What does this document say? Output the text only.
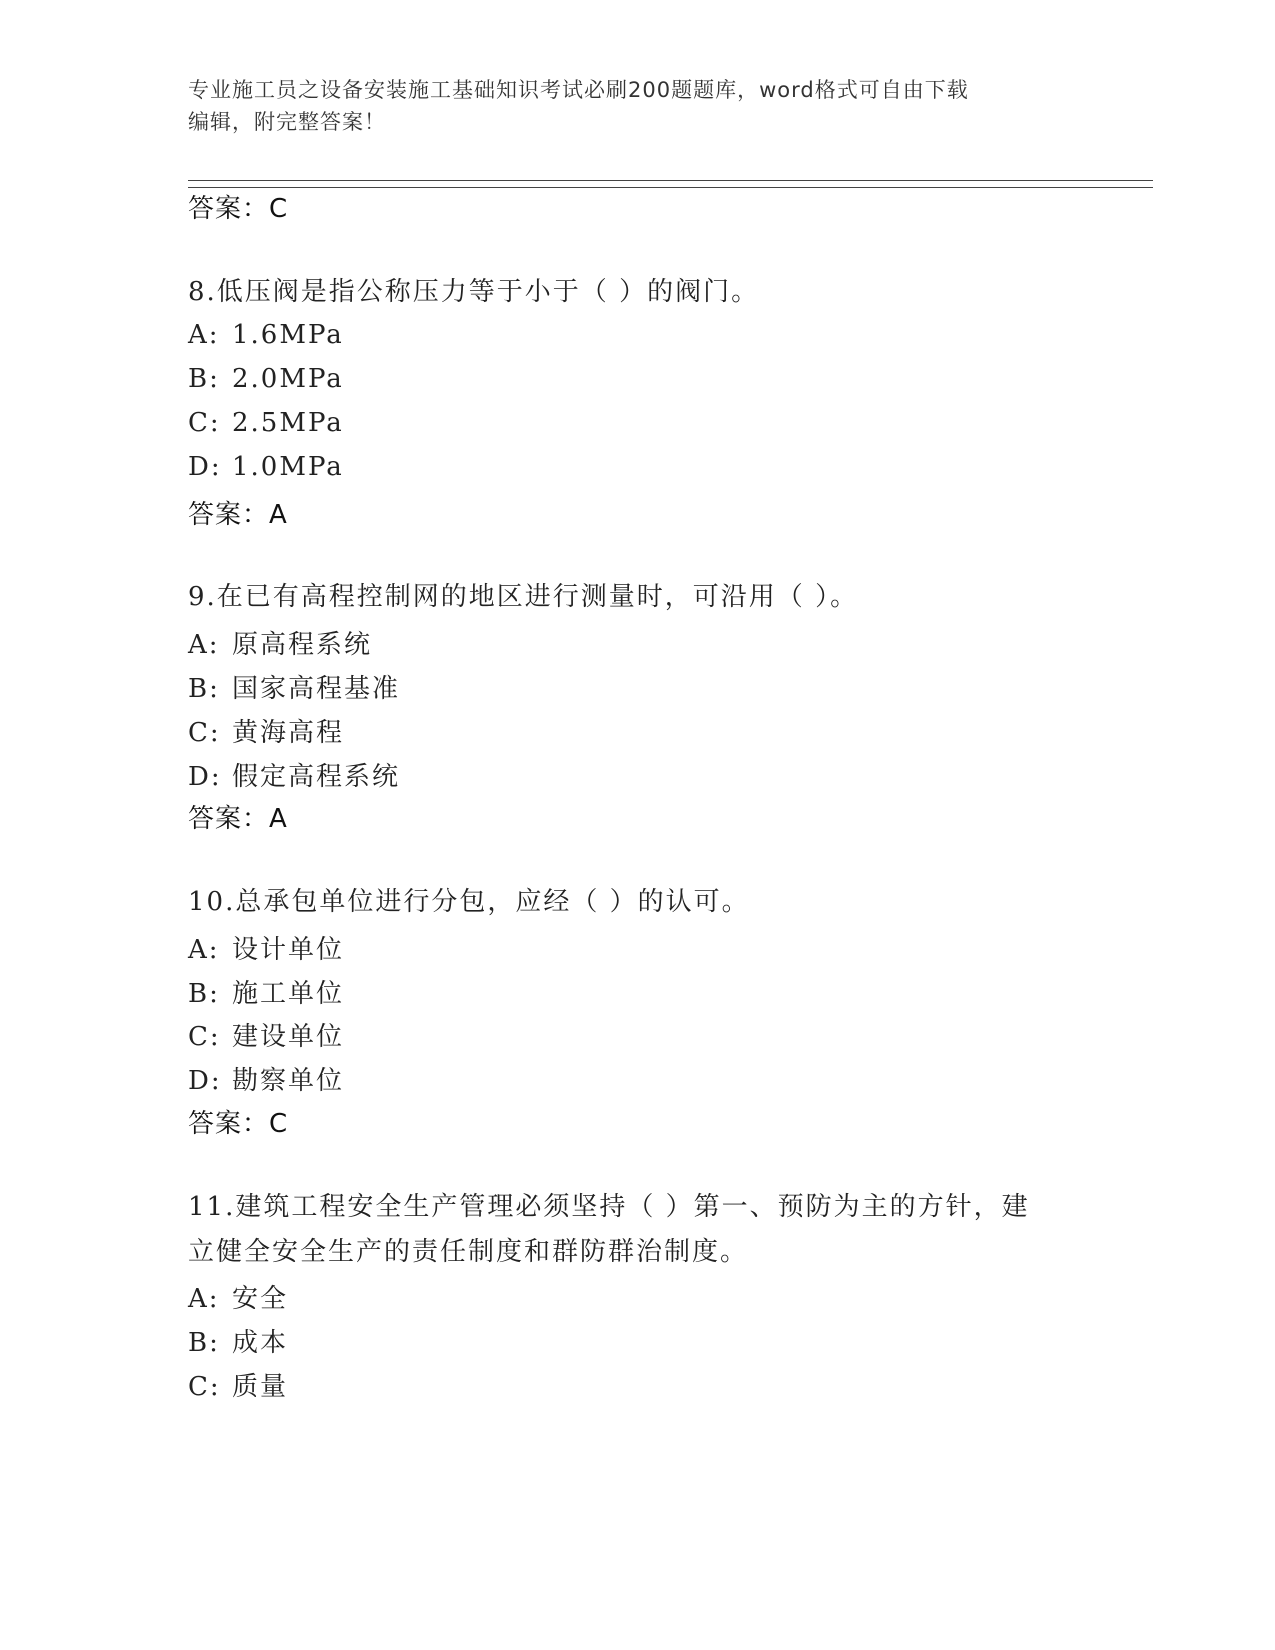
专业施工员之设备安装施工基础知识考试必刷200题题库，word格式可自由下载
编辑，附完整答案！
答案：C
8.低压阀是指公称压力等于小于（ ）的阀门。
A: 1.6MPa
B: 2.0MPa
C: 2.5MPa
D: 1.0MPa
答案：A
9.在已有高程控制网的地区进行测量时，可沿用（ ）。
A: 原高程系统
B: 国家高程基准
C: 黄海高程
D: 假定高程系统
答案：A
10.总承包单位进行分包，应经（ ）的认可。
A: 设计单位
B: 施工单位
C: 建设单位
D: 勘察单位
答案：C
11.建筑工程安全生产管理必须坚持（ ）第一、预防为主的方针，建
立健全安全生产的责任制度和群防群治制度。
A: 安全
B: 成本
C: 质量
